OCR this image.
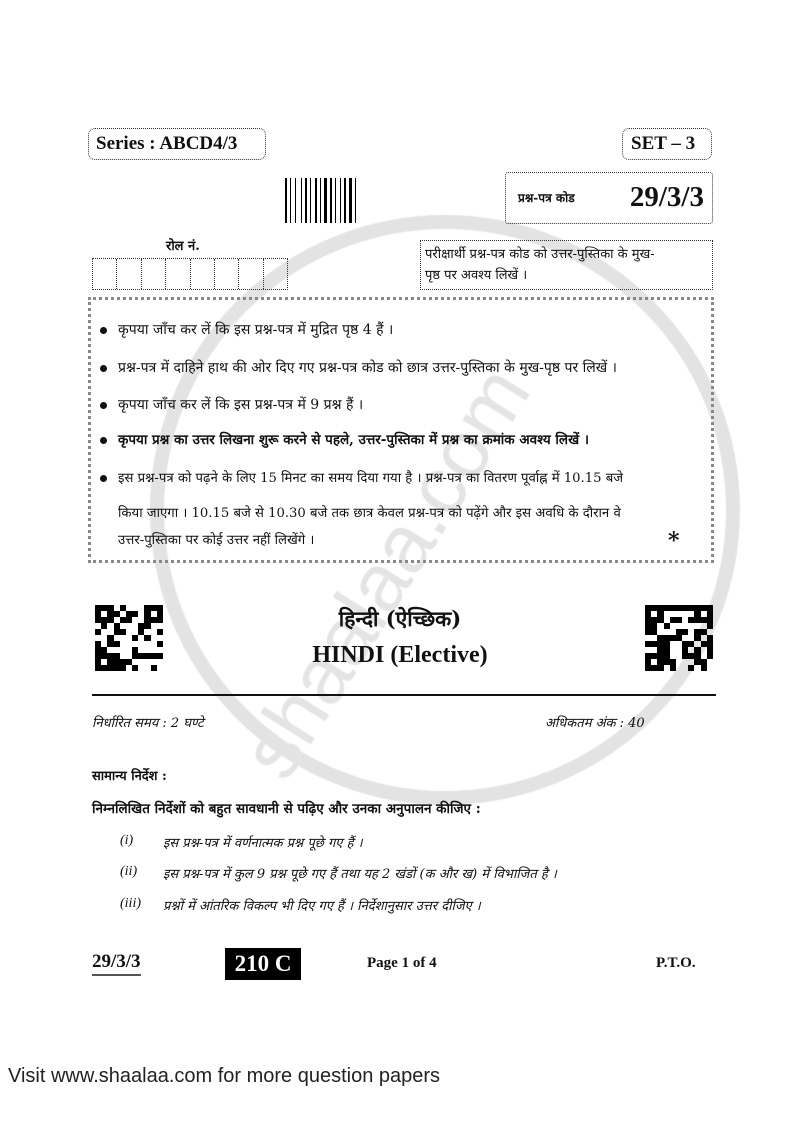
Series : ABCD4/3	SET – 3
प्रश्न-पत्र कोड 29/3/3
रोल नं.
परीक्षार्थी प्रश्न-पत्र कोड को उत्तर-पुस्तिका के मुख-
पृष्ठ पर अवश्य लिखें ।
कृपया जाँच कर लें कि इस प्रश्न-पत्र में मुद्रित पृष्ठ 4 हैं ।
प्रश्न-पत्र में दाहिने हाथ की ओर दिए गए प्रश्न-पत्र कोड को छात्र उत्तर-पुस्तिका के मुख-पृष्ठ पर लिखें ।
कृपया जाँच कर लें कि इस प्रश्न-पत्र में 9 प्रश्न हैं ।
कृपया प्रश्न का उत्तर लिखना शुरू करने से पहले, उत्तर-पुस्तिका में प्रश्न का क्रमांक अवश्य लिखें ।
इस प्रश्न-पत्र को पढ़ने के लिए 15 मिनट का समय दिया गया है । प्रश्न-पत्र का वितरण पूर्वाह्न में 10.15 बजे
किया जाएगा । 10.15 बजे से 10.30 बजे तक छात्र केवल प्रश्न-पत्र को पढ़ेंगे और इस अवधि के दौरान वे
उत्तर-पुस्तिका पर कोई उत्तर नहीं लिखेंगे ।	*
हिन्दी (ऐच्छिक)
HINDI (Elective)
निर्धारित समय : 2 घण्टे	अधिकतम अंक : 40
सामान्य निर्देश :
निम्नलिखित निर्देशों को बहुत सावधानी से पढ़िए और उनका अनुपालन कीजिए :
(i) इस प्रश्न-पत्र में वर्णनात्मक प्रश्न पूछे गए हैं ।
(ii) इस प्रश्न-पत्र में कुल 9 प्रश्न पूछे गए हैं तथा यह 2 खंडों (क और ख) में विभाजित है ।
(iii) प्रश्नों में आंतरिक विकल्प भी दिए गए हैं । निर्देशानुसार उत्तर दीजिए ।
29/3/3	210 C	Page 1 of 4	P.T.O.
Visit www.shaalaa.com for more question papers
